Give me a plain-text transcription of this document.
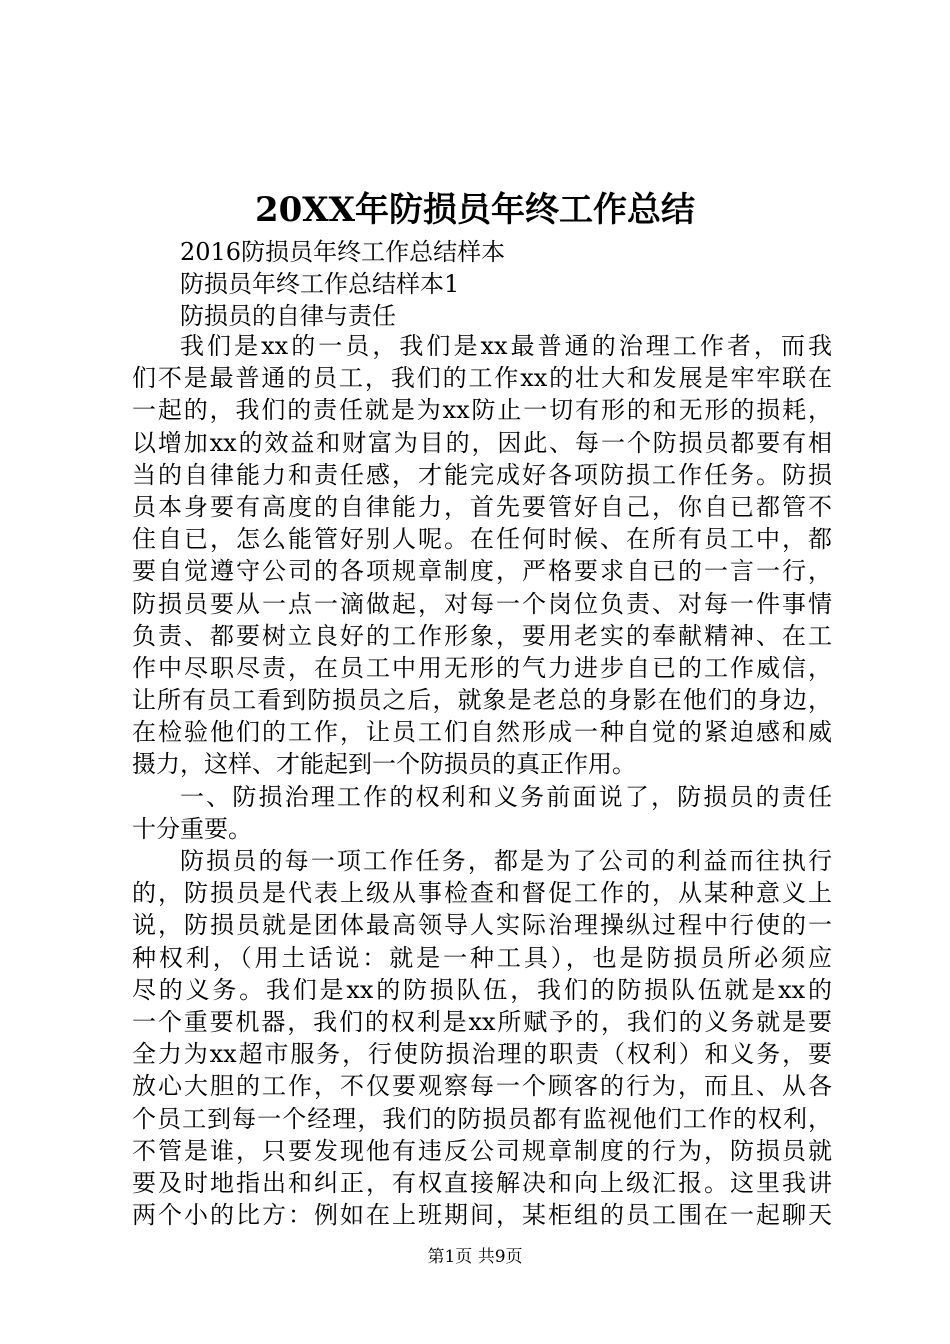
20XX年防损员年终工作总结
2016防损员年终工作总结样本
防损员年终工作总结样本1
防损员的自律与责任
我们是xx的一员，我们是xx最普通的治理工作者，而我
们不是最普通的员工，我们的工作xx的壮大和发展是牢牢联在
一起的，我们的责任就是为xx防止一切有形的和无形的损耗，
以增加xx的效益和财富为目的，因此、每一个防损员都要有相
当的自律能力和责任感，才能完成好各项防损工作任务。防损
员本身要有高度的自律能力，首先要管好自己，你自已都管不
住自已，怎么能管好别人呢。在任何时候、在所有员工中，都
要自觉遵守公司的各项规章制度，严格要求自已的一言一行，
防损员要从一点一滴做起，对每一个岗位负责、对每一件事情
负责、都要树立良好的工作形象，要用老实的奉献精神、在工
作中尽职尽责，在员工中用无形的气力进步自已的工作威信，
让所有员工看到防损员之后，就象是老总的身影在他们的身边，
在检验他们的工作，让员工们自然形成一种自觉的紧迫感和威
摄力，这样、才能起到一个防损员的真正作用。
一、防损治理工作的权利和义务前面说了，防损员的责任
十分重要。
防损员的每一项工作任务，都是为了公司的利益而往执行
的，防损员是代表上级从事检查和督促工作的，从某种意义上
说，防损员就是团体最高领导人实际治理操纵过程中行使的一
种权利，（用土话说：就是一种工具），也是防损员所必须应
尽的义务。我们是xx的防损队伍，我们的防损队伍就是xx的
一个重要机器，我们的权利是xx所赋予的，我们的义务就是要
全力为xx超市服务，行使防损治理的职责（权利）和义务，要
放心大胆的工作，不仅要观察每一个顾客的行为，而且、从各
个员工到每一个经理，我们的防损员都有监视他们工作的权利，
不管是谁，只要发现他有违反公司规章制度的行为，防损员就
要及时地指出和纠正，有权直接解决和向上级汇报。这里我讲
两个小的比方：例如在上班期间，某柜组的员工围在一起聊天
第1页 共9页
